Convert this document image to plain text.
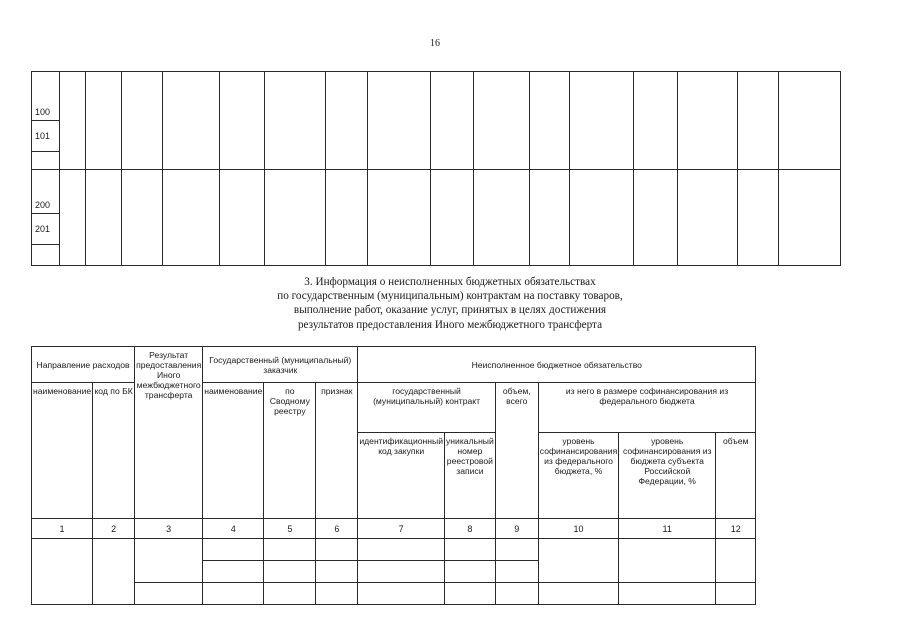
16
100																
101																

200																
201																

3. Информация о неисполненных бюджетных обязательствах
по государственным (муниципальным) контрактам на поставку товаров,
выполнение работ, оказание услуг, принятых в целях достижения
результатов предоставления Иного межбюджетного трансферта
Направление расходов		Результат предоставления Иного межбюджетного трансферта	Государственный (муниципальный) заказчик			Неисполненное бюджетное обязательство					
наименование	код по БК		наименование	по Сводному реестру	признак	государственный (муниципальный) контракт		объем, всего	из него в размере софинансирования из федерального бюджета		
						идентификационный код закупки	уникальный номер реестровой записи		уровень софинансирования из федерального бюджета, %	уровень софинансирования из бюджета субъекта Российской Федерации, %	объем
1	2	3	4	5	6	7	8	9	10	11	12
